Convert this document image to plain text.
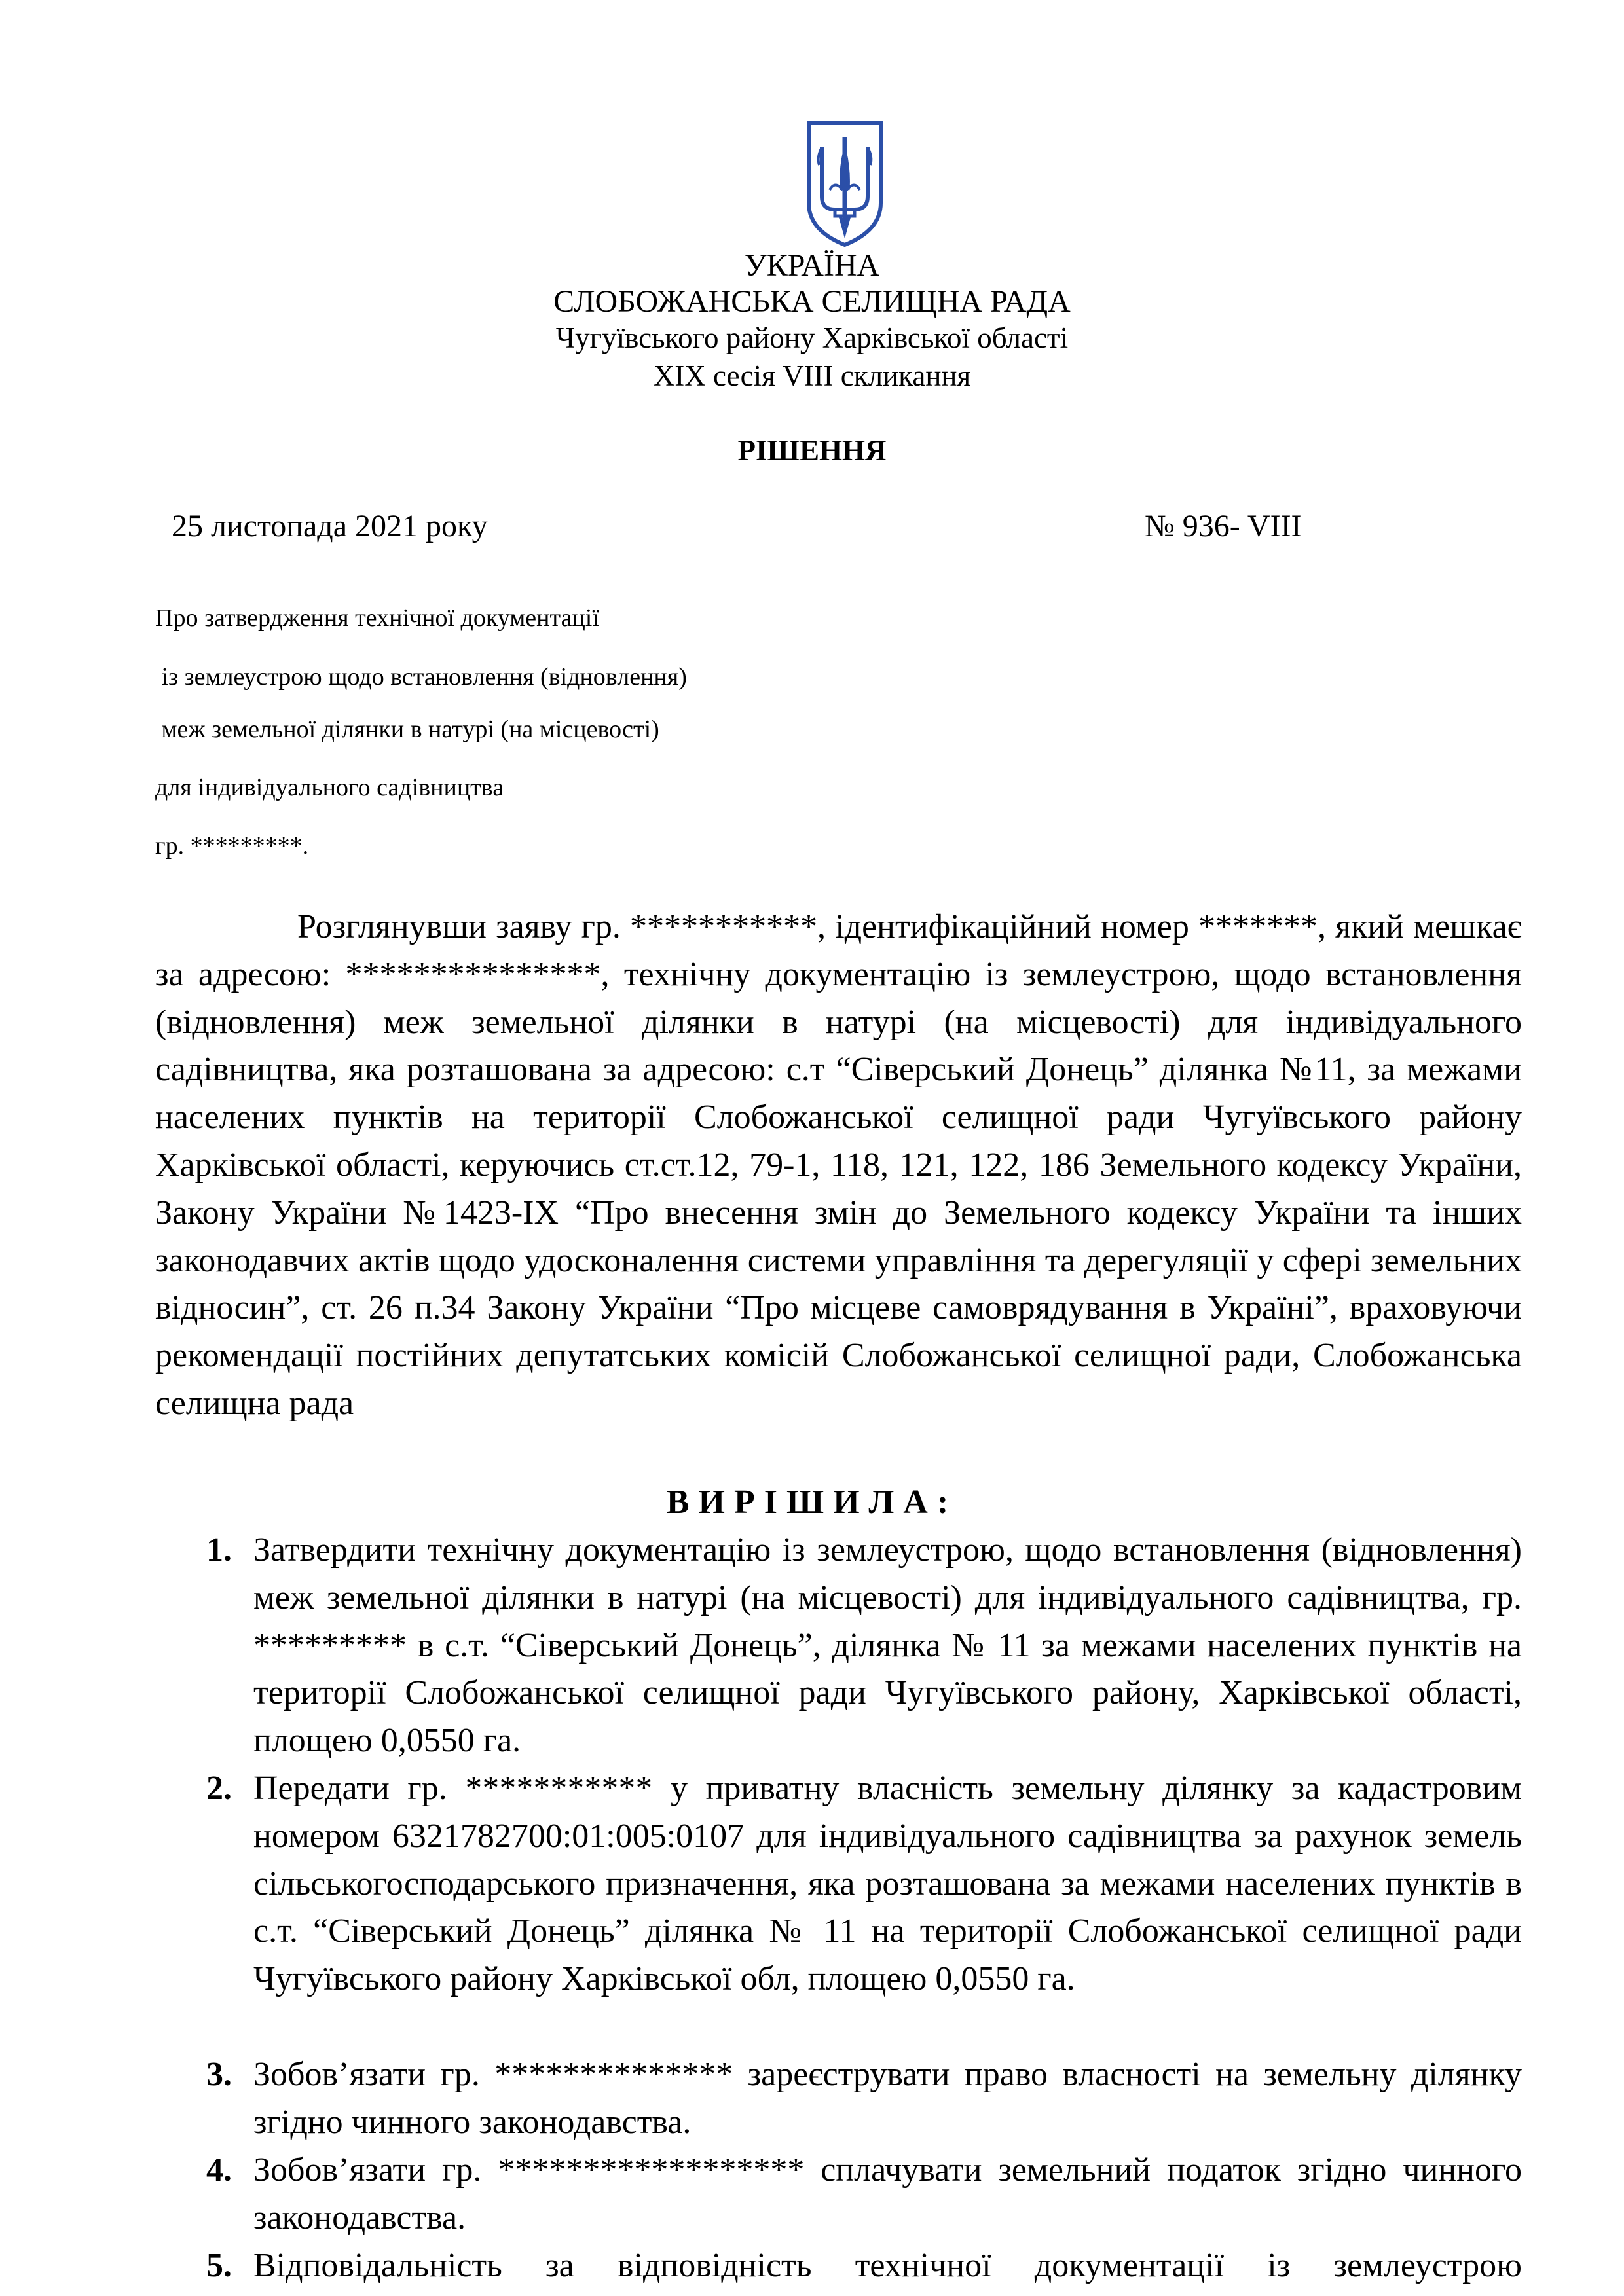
УКРАЇНА
СЛОБОЖАНСЬКА СЕЛИЩНА РАДА
Чугуївського району Харківської області
XIX сесія VIII скликання
РІШЕННЯ
25 листопада 2021 року	№ 936- VIII
Про затвердження технічної документації
із землеустрою щодо встановлення (відновлення)
меж земельної ділянки в натурі (на місцевості)
для індивідуального садівництва
гр. *********.

Розглянувши заяву гр. ***********, ідентифікаційний номер *******, який мешкає за адресою: ***************, технічну документацію із землеустрою, щодо встановлення (відновлення) меж земельної ділянки в натурі (на місцевості) для індивідуального садівництва, яка розташована за адресою: с.т “Сіверський Донець” ділянка №11, за межами населених пунктів на території Слобожанської селищної ради Чугуївського району Харківської області, керуючись ст.ст.12, 79-1, 118, 121, 122, 186 Земельного кодексу України, Закону України №1423-IX “Про внесення змін до Земельного кодексу України та інших законодавчих актів щодо удосконалення системи управління та дерегуляції у сфері земельних відносин”, ст. 26 п.34 Закону України “Про місцеве самоврядування в Україні”, враховуючи рекомендації постійних депутатських комісій Слобожанської селищної ради, Слобожанська селищна рада

ВИРІШИЛА:
1. Затвердити технічну документацію із землеустрою, щодо встановлення (відновлення) меж земельної ділянки в натурі (на місцевості) для індивідуального садівництва, гр. ********* в с.т. “Сіверський Донець”, ділянка № 11 за межами населених пунктів на території Слобожанської селищної ради Чугуївського району, Харківської області, площею 0,0550 га.

2. Передати гр. *********** у приватну власність земельну ділянку за кадастровим номером 6321782700:01:005:0107 для індивідуального садівництва за рахунок земель сільськогосподарського призначення, яка розташована за межами населених пунктів в с.т. “Сіверський Донець” ділянка № 11 на території Слобожанської селищної ради Чугуївського району Харківської обл, площею 0,0550 га.

3. Зобов’язати гр. ************** зареєструвати право власності на земельну ділянку згідно чинного законодавства.

4. Зобов’язати гр. ****************** сплачувати земельний податок згідно чинного законодавства.

5. Відповідальність за відповідність технічної документації із землеустрою
